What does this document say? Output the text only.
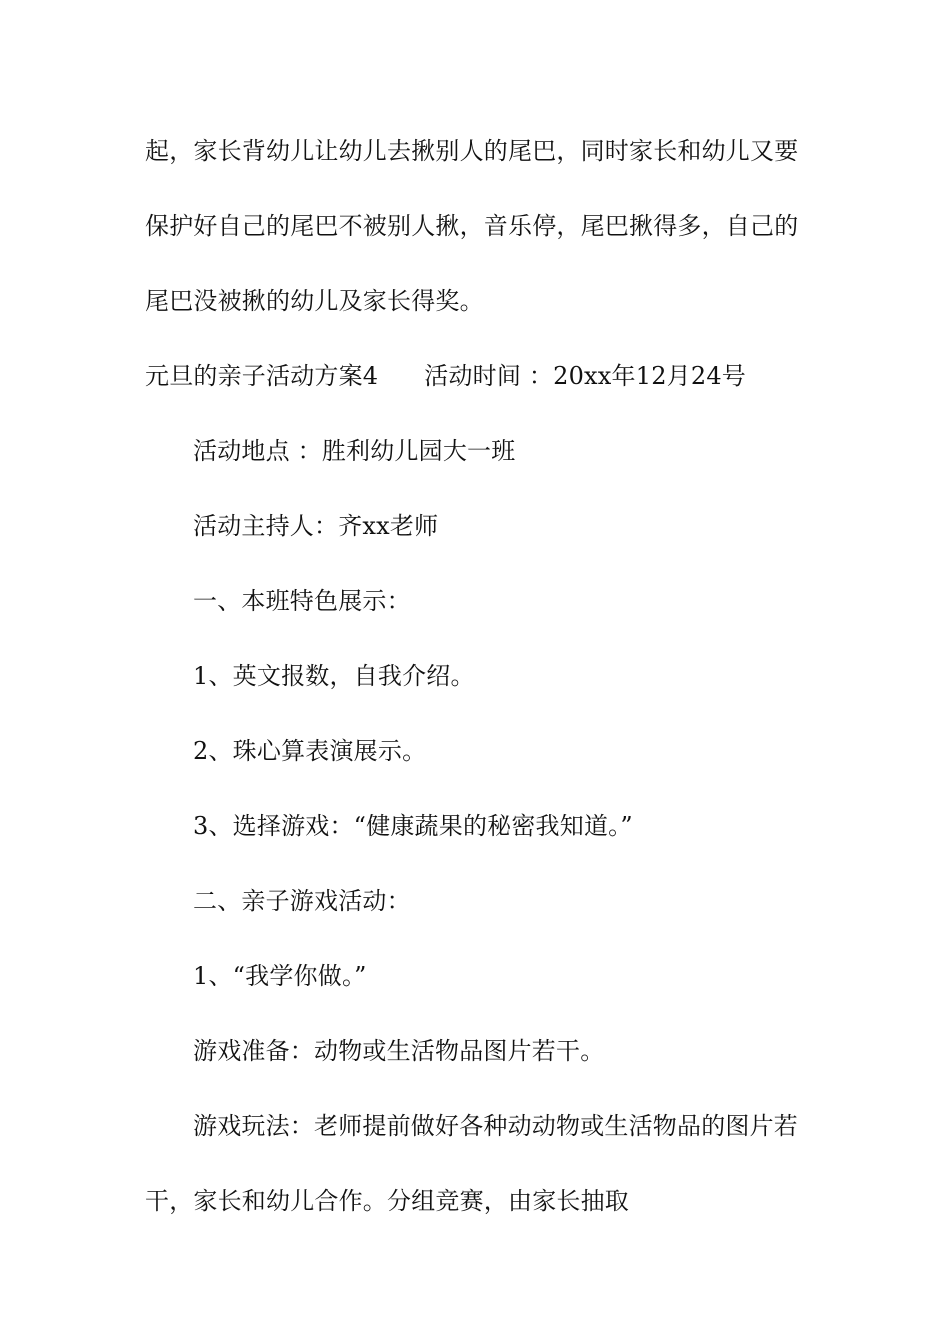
起，家长背幼儿让幼儿去揪别人的尾巴，同时家长和幼儿又要
保护好自己的尾巴不被别人揪，音乐停，尾巴揪得多，自己的
尾巴没被揪的幼儿及家长得奖。
元旦的亲子活动方案4 活动时间 ：20xx年12月24号
活动地点 ：胜利幼儿园大一班
活动主持人：齐xx老师
一、本班特色展示：
1、英文报数，自我介绍。
2、珠心算表演展示。
3、选择游戏：“健康蔬果的秘密我知道。”
二、亲子游戏活动：
1、“我学你做。”
游戏准备：动物或生活物品图片若干。
游戏玩法：老师提前做好各种动动物或生活物品的图片若
干，家长和幼儿合作。分组竞赛，由家长抽取
